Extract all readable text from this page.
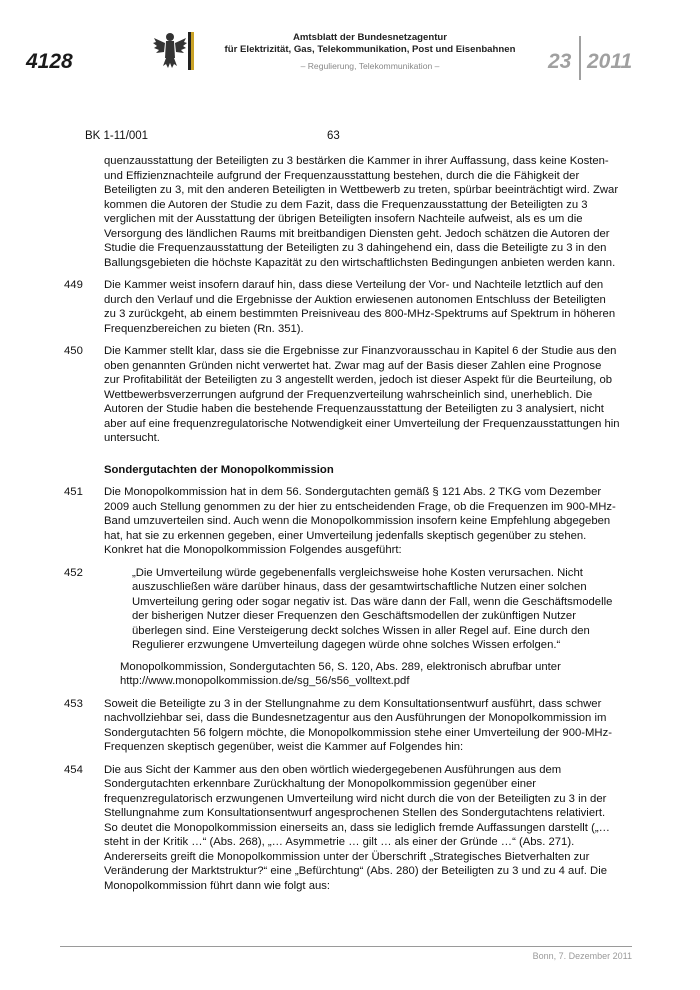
4128
Amtsblatt der Bundesnetzagentur
für Elektrizität, Gas, Telekommunikation, Post und Eisenbahnen
– Regulierung, Telekommunikation –	23 2011
BK 1-11/001	63
quenzausstattung der Beteiligten zu 3 bestärken die Kammer in ihrer Auffassung, dass keine Kosten- und Effizienznachteile aufgrund der Frequenzausstattung bestehen, durch die die Fähigkeit der Beteiligten zu 3, mit den anderen Beteiligten in Wettbewerb zu treten, spürbar beeinträchtigt wird. Zwar kommen die Autoren der Studie zu dem Fazit, dass die Frequenzausstattung der Beteiligten zu 3 verglichen mit der Ausstattung der übrigen Beteiligten insofern Nachteile aufweist, als es um die Versorgung des ländlichen Raums mit breitbandigen Diensten geht. Jedoch schätzen die Autoren der Studie die Frequenzausstattung der Beteiligten zu 3 dahingehend ein, dass die Beteiligte zu 3 in den Ballungsgebieten die höchste Kapazität zu den wirtschaftlichsten Bedingungen anbieten werden kann.
449 Die Kammer weist insofern darauf hin, dass diese Verteilung der Vor- und Nachteile letztlich auf den durch den Verlauf und die Ergebnisse der Auktion erwiesenen autonomen Entschluss der Beteiligten zu 3 zurückgeht, ab einem bestimmten Preisniveau des 800-MHz-Spektrums auf Spektrum in höheren Frequenzbereichen zu bieten (Rn. 351).
450 Die Kammer stellt klar, dass sie die Ergebnisse zur Finanzvorausschau in Kapitel 6 der Studie aus den oben genannten Gründen nicht verwertet hat. Zwar mag auf der Basis dieser Zahlen eine Prognose zur Profitabilität der Beteiligten zu 3 angestellt werden, jedoch ist dieser Aspekt für die Beurteilung, ob Wettbewerbsverzerrungen aufgrund der Frequenzverteilung wahrscheinlich sind, unerheblich. Die Autoren der Studie haben die bestehende Frequenzausstattung der Beteiligten zu 3 analysiert, nicht aber auf eine frequenzregulatorische Notwendigkeit einer Umverteilung der Frequenzausstattungen hin untersucht.
Sondergutachten der Monopolkommission
451 Die Monopolkommission hat in dem 56. Sondergutachten gemäß § 121 Abs. 2 TKG vom Dezember 2009 auch Stellung genommen zu der hier zu entscheidenden Frage, ob die Frequenzen im 900-MHz-Band umzuverteilen sind. Auch wenn die Monopolkommission insofern keine Empfehlung abgegeben hat, hat sie zu erkennen gegeben, einer Umverteilung jedenfalls skeptisch gegenüber zu stehen. Konkret hat die Monopolkommission Folgendes ausgeführt:
452	„Die Umverteilung würde gegebenenfalls vergleichsweise hohe Kosten verursachen. Nicht auszuschließen wäre darüber hinaus, dass der gesamtwirtschaftliche Nutzen einer solchen Umverteilung gering oder sogar negativ ist. Das wäre dann der Fall, wenn die Geschäftsmodelle der bisherigen Nutzer dieser Frequenzen den Geschäftsmodellen der zukünftigen Nutzer überlegen sind. Eine Versteigerung deckt solches Wissen in aller Regel auf. Eine durch den Regulierer erzwungene Umverteilung dagegen würde ohne solches Wissen erfolgen.“
Monopolkommission, Sondergutachten 56, S. 120, Abs. 289, elektronisch abrufbar unter http://www.monopolkommission.de/sg_56/s56_volltext.pdf
453 Soweit die Beteiligte zu 3 in der Stellungnahme zu dem Konsultationsentwurf ausführt, dass schwer nachvollziehbar sei, dass die Bundesnetzagentur aus den Ausführungen der Monopolkommission im Sondergutachten 56 folgern möchte, die Monopolkommission stehe einer Umverteilung der 900-MHz-Frequenzen skeptisch gegenüber, weist die Kammer auf Folgendes hin:
454 Die aus Sicht der Kammer aus den oben wörtlich wiedergegebenen Ausführungen aus dem Sondergutachten erkennbare Zurückhaltung der Monopolkommission gegenüber einer frequenzregulatorisch erzwungenen Umverteilung wird nicht durch die von der Beteiligten zu 3 in der Stellungnahme zum Konsultationsentwurf angesprochenen Stellen des Sondergutachtens relativiert. So deutet die Monopolkommission einerseits an, dass sie lediglich fremde Auffassungen darstellt („… steht in der Kritik …“ (Abs. 268), „… Asymmetrie … gilt … als einer der Gründe …“ (Abs. 271). Andererseits greift die Monopolkommission unter der Überschrift „Strategisches Bietverhalten zur Veränderung der Marktstruktur?“ eine „Befürchtung“ (Abs. 280) der Beteiligten zu 3 und zu 4 auf. Die Monopolkommission führt dann wie folgt aus:
Bonn, 7. Dezember 2011
